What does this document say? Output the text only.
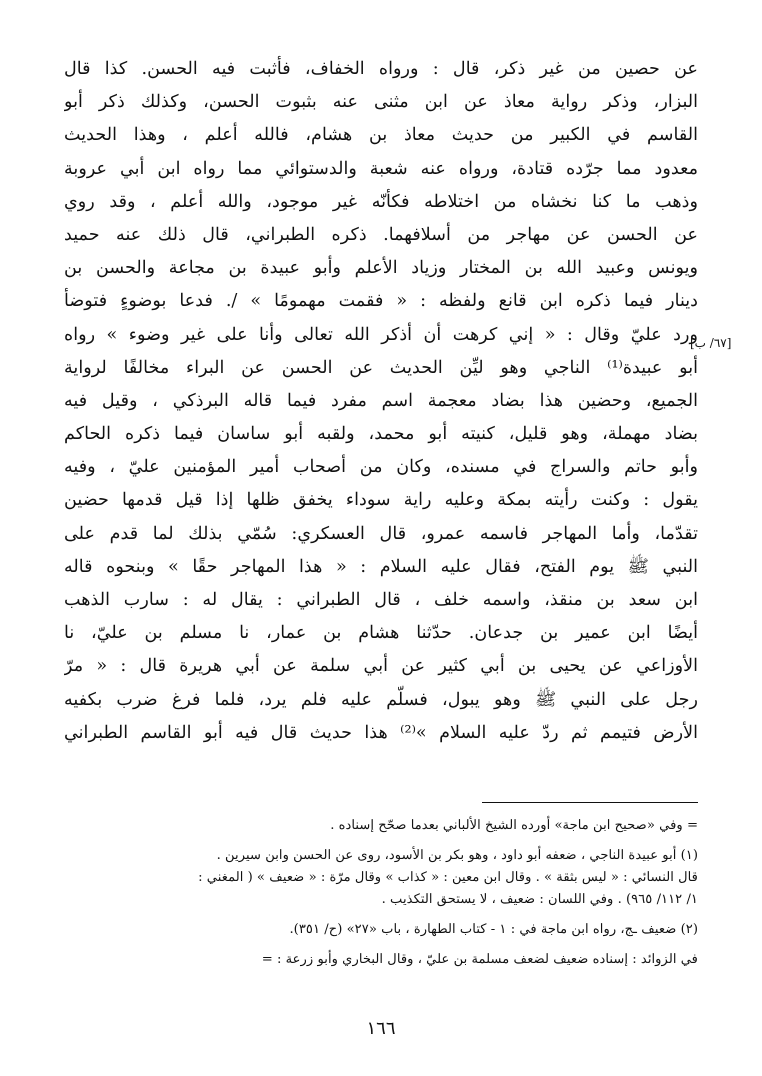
عن حصين من غير ذكر، قال : ورواه الخفاف، فأثبت فيه الحسن. كذا قال
البزار، وذكر رواية معاذ عن ابن مثنى عنه بثبوت الحسن، وكذلك ذكر أبو
القاسم في الكبير من حديث معاذ بن هشام، فالله أعلم ، وهذا الحديث
معدود مما جرّده قتادة، ورواه عنه شعبة والدستوائي مما رواه ابن أبي عروبة
وذهب ما كنا نخشاه من اختلاطه فكأنّه غير موجود، والله أعلم ، وقد روي
عن الحسن عن مهاجر من أسلافهما. ذكره الطبراني، قال ذلك عنه حميد
ويونس وعبيد الله بن المختار وزياد الأعلم وأبو عبيدة بن مجاعة والحسن بن
دينار فيما ذكره ابن قانع ولفظه : « فقمت مهمومًا » /. فدعا بوضوءٍ فتوضأ
ورد عليّ وقال : « إني كرهت أن أذكر الله تعالى وأنا على غير وضوء » رواه
أبو عبيدة⁽¹⁾ الناجي وهو ليِّن الحديث عن الحسن عن البراء مخالفًا لرواية
الجميع، وحضين هذا بضاد معجمة اسم مفرد فيما قاله البرذكي ، وقيل فيه
بضاد مهملة، وهو قليل، كنيته أبو محمد، ولقبه أبو ساسان فيما ذكره الحاكم
وأبو حاتم والسراج في مسنده، وكان من أصحاب أمير المؤمنين عليّ ، وفيه
يقول : وكنت رأيته بمكة وعليه راية سوداء يخفق ظلها إذا قيل قدمها حضين
تقدّما، وأما المهاجر فاسمه عمرو، قال العسكري: سُمّي بذلك لما قدم على
النبي ﷺ يوم الفتح، فقال عليه السلام : « هذا المهاجر حقًا » وبنحوه قاله
ابن سعد بن منقذ، واسمه خلف ، قال الطبراني : يقال له : سارب الذهب
أيضًا ابن عمير بن جدعان. حدّثنا هشام بن عمار، نا مسلم بن عليّ، نا
الأوزاعي عن يحيى بن أبي كثير عن أبي سلمة عن أبي هريرة قال : « مرّ
رجل على النبي ﷺ وهو يبول، فسلّم عليه فلم يرد، فلما فرغ ضرب بكفيه
الأرض فتيمم ثم ردّ عليه السلام »⁽²⁾ هذا حديث قال فيه أبو القاسم الطبراني
[٦٧/ ب]
= وفي «صحيح ابن ماجة» أورده الشيخ الألباني بعدما صحّح إسناده .
(١) أبو عبيدة الناجي ، ضعفه أبو داود ، وهو بكر بن الأسود، روى عن الحسن وابن سيرين .
قال النسائي : « ليس بثقة » . وقال ابن معين : « كذاب » وقال مرّة : « ضعيف » ( المغني :
١/ ١١٢/ ٩٦٥) . وفي اللسان : ضعيف ، لا يستحق التكذيب .
(٢) ضعيف ـج، رواه ابن ماجة في : ١ - كتاب الطهارة ، باب «٢٧» (ح/ ٣٥١).
في الزوائد : إسناده ضعيف لضعف مسلمة بن عليّ ، وقال البخاري وأبو زرعة : =
١٦٦
